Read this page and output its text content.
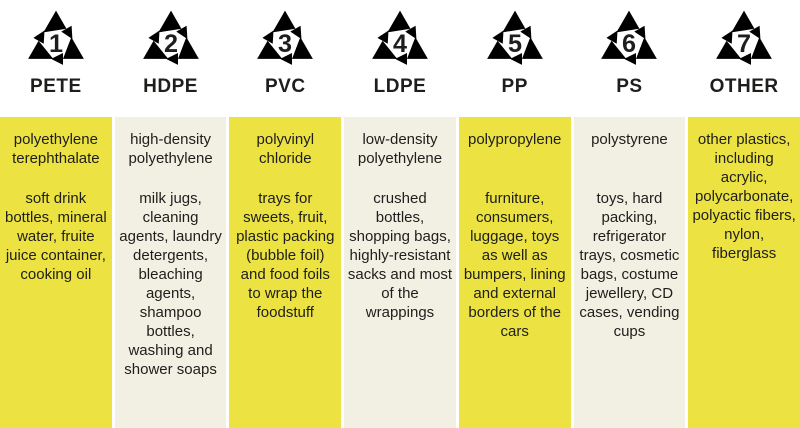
1
PETE

polyethylene terephthalate

soft drink bottles, mineral water, fruite juice container, cooking oil

2
HDPE

high-density polyethylene

milk jugs, cleaning agents, laundry detergents, bleaching agents, shampoo bottles, washing and shower soaps

3
PVC

polyvinyl chloride

trays for sweets, fruit, plastic packing (bubble foil) and food foils to wrap the foodstuff

4
LDPE

low-density polyethylene

crushed bottles, shopping bags, highly-resistant sacks and most of the wrappings

5
PP

polypropylene

furniture, consumers, luggage, toys as well as bumpers, lining and external borders of the cars

6
PS

polystyrene

toys, hard packing, refrigerator trays, cosmetic bags, costume jewellery, CD cases, vending cups

7
OTHER

other plastics, including acrylic, polycarbonate, polyactic fibers, nylon, fiberglass
